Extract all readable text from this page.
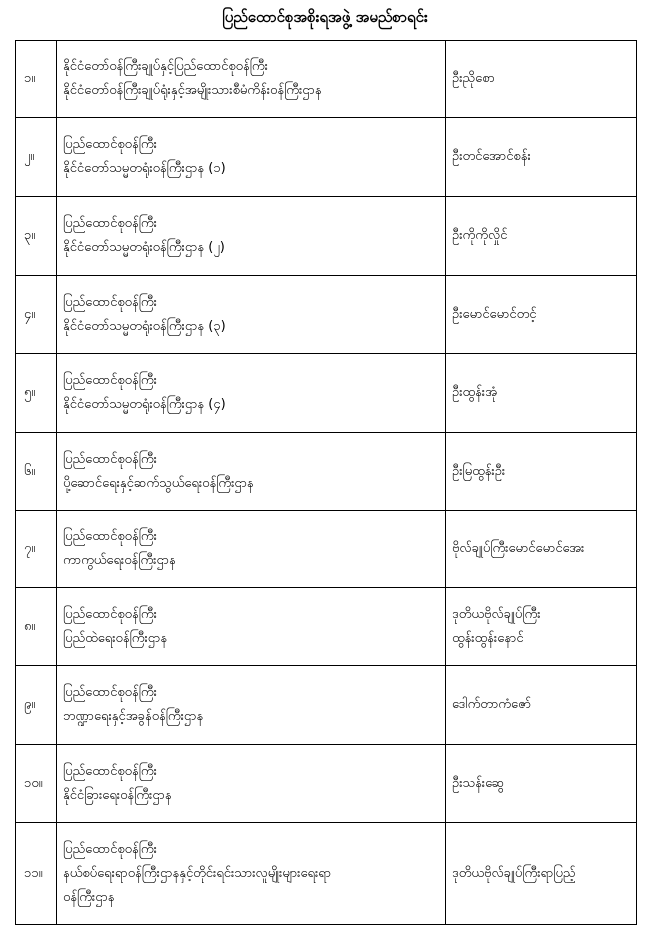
ပြည်ထောင်စုအစိုးရအဖွဲ့ အမည်စာရင်း
၁။	နိုင်ငံတော်ဝန်ကြီးချုပ်နှင့်ပြည်ထောင်စုဝန်ကြီး
နိုင်ငံတော်ဝန်ကြီးချုပ်ရုံးနှင့်အမျိုးသားစီမံကိန်းဝန်ကြီးဌာန	ဦးညိုစော

၂။	ပြည်ထောင်စုဝန်ကြီး
နိုင်ငံတော်သမ္မတရုံးဝန်ကြီးဌာန (၁)	ဦးတင်အောင်စန်း

၃။	ပြည်ထောင်စုဝန်ကြီး
နိုင်ငံတော်သမ္မတရုံးဝန်ကြီးဌာန (၂)	ဦးကိုကိုလှိုင်

၄။	ပြည်ထောင်စုဝန်ကြီး
နိုင်ငံတော်သမ္မတရုံးဝန်ကြီးဌာန (၃)	ဦးမောင်မောင်တင့်

၅။	ပြည်ထောင်စုဝန်ကြီး
နိုင်ငံတော်သမ္မတရုံးဝန်ကြီးဌာန (၄)	ဦးထွန်းအုံ

၆။	ပြည်ထောင်စုဝန်ကြီး
ပို့ဆောင်ရေးနှင့်ဆက်သွယ်ရေးဝန်ကြီးဌာန	ဦးမြထွန်းဦး

၇။	ပြည်ထောင်စုဝန်ကြီး
ကာကွယ်ရေးဝန်ကြီးဌာန	ဗိုလ်ချုပ်ကြီးမောင်မောင်အေး

၈။	ပြည်ထောင်စုဝန်ကြီး
ပြည်ထဲရေးဝန်ကြီးဌာန	ဒုတိယဗိုလ်ချုပ်ကြီး
ထွန်းထွန်းနောင်

၉။	ပြည်ထောင်စုဝန်ကြီး
ဘဏ္ဍာရေးနှင့်အခွန်ဝန်ကြီးဌာန	ဒေါက်တာကံဇော်

၁၀။	ပြည်ထောင်စုဝန်ကြီး
နိုင်ငံခြားရေးဝန်ကြီးဌာန	ဦးသန်းဆွေ

၁၁။	ပြည်ထောင်စုဝန်ကြီး
နယ်စပ်ရေးရာဝန်ကြီးဌာနနှင့်တိုင်းရင်းသားလူမျိုးများရေးရာ
ဝန်ကြီးဌာန	ဒုတိယဗိုလ်ချုပ်ကြီးရာပြည့်
